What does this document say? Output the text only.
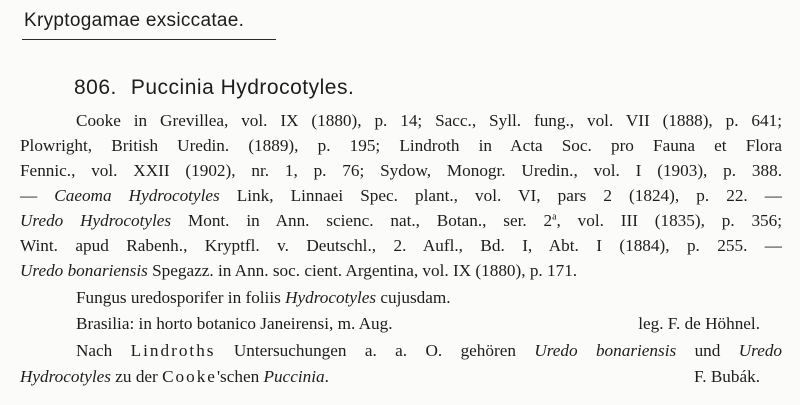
Kryptogamae exsiccatae.
806. Puccinia Hydrocotyles.
Cooke in Grevillea, vol. IX (1880), p. 14; Sacc., Syll. fung., vol. VII (1888), p. 641;
Plowright, British Uredin. (1889), p. 195; Lindroth in Acta Soc. pro Fauna et Flora
Fennic., vol. XXII (1902), nr. 1, p. 76; Sydow, Monogr. Uredin., vol. I (1903), p. 388.
— Caeoma Hydrocotyles Link, Linnaei Spec. plant., vol. VI, pars 2 (1824), p. 22. —
Uredo Hydrocotyles Mont. in Ann. scienc. nat., Botan., ser. 2$^a$, vol. III (1835), p. 356;
Wint. apud Rabenh., Kryptfl. v. Deutschl., 2. Aufl., Bd. I, Abt. I (1884), p. 255. —
Uredo bonariensis Spegazz. in Ann. soc. cient. Argentina, vol. IX (1880), p. 171.
Fungus uredosporifer in foliis Hydrocotyles cujusdam.
Brasilia: in horto botanico Janeirensi, m. Aug.	leg. F. de Höhnel.
Nach Lindroths Untersuchungen a. a. O. gehören Uredo bonariensis und Uredo
Hydrocotyles zu der Cooke'schen Puccinia.	F. Bubák.
